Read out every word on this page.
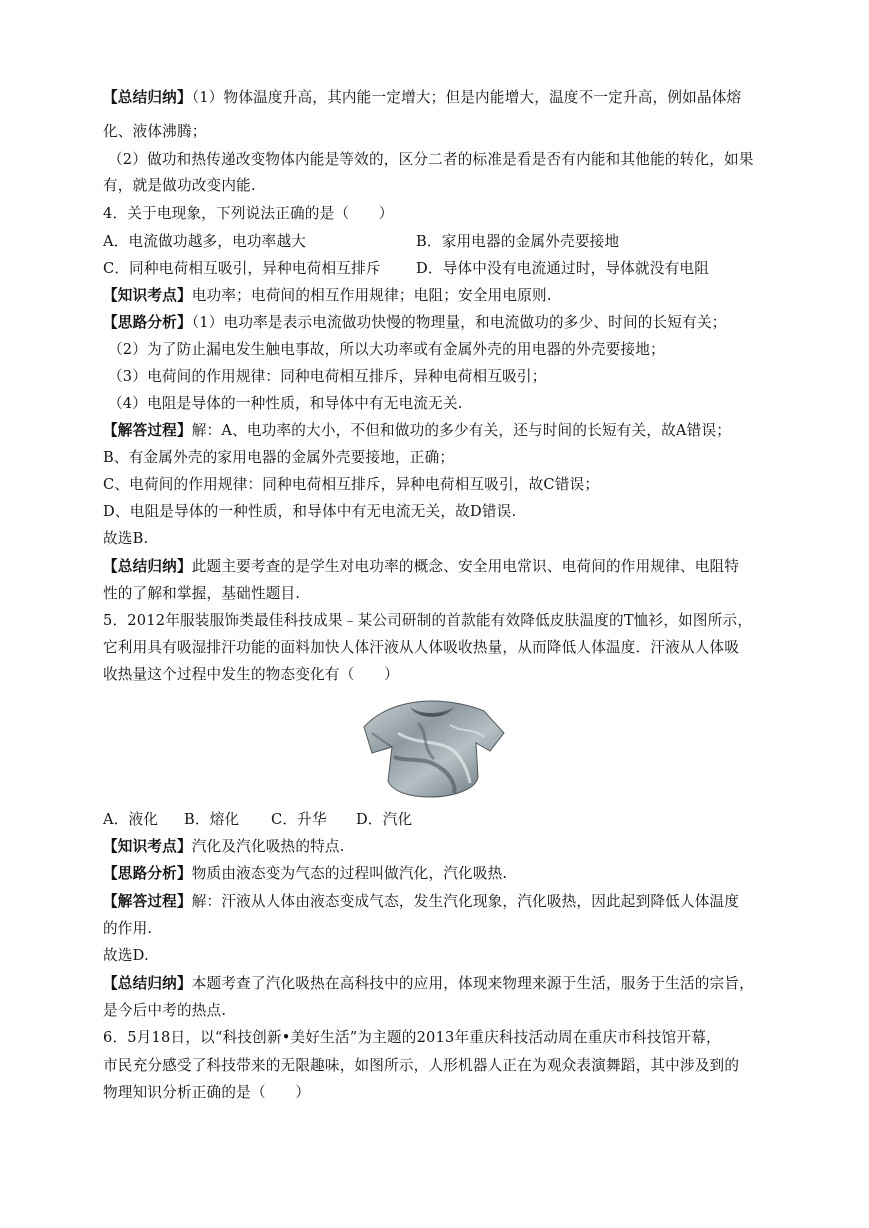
【总结归纳】（1）物体温度升高，其内能一定增大；但是内能增大，温度不一定升高，例如晶体熔
化、液体沸腾；
（2）做功和热传递改变物体内能是等效的，区分二者的标准是看是否有内能和其他能的转化，如果
有，就是做功改变内能.
4．关于电现象，下列说法正确的是（　　）
A．电流做功越多，电功率越大	B．家用电器的金属外壳要接地
C．同种电荷相互吸引，异种电荷相互排斥 D．导体中没有电流通过时，导体就没有电阻
【知识考点】电功率；电荷间的相互作用规律；电阻；安全用电原则.
【思路分析】（1）电功率是表示电流做功快慢的物理量，和电流做功的多少、时间的长短有关；
（2）为了防止漏电发生触电事故，所以大功率或有金属外壳的用电器的外壳要接地；
（3）电荷间的作用规律：同种电荷相互排斥，异种电荷相互吸引；
（4）电阻是导体的一种性质，和导体中有无电流无关.
【解答过程】解：A、电功率的大小，不但和做功的多少有关，还与时间的长短有关，故A错误；
B、有金属外壳的家用电器的金属外壳要接地，正确；
C、电荷间的作用规律：同种电荷相互排斥，异种电荷相互吸引，故C错误；
D、电阻是导体的一种性质，和导体中有无电流无关，故D错误.
故选B.
【总结归纳】此题主要考查的是学生对电功率的概念、安全用电常识、电荷间的作用规律、电阻特
性的了解和掌握，基础性题目.
5．2012年服装服饰类最佳科技成果﹣某公司研制的首款能有效降低皮肤温度的T恤衫，如图所示，
它利用具有吸湿排汗功能的面料加快人体汗液从人体吸收热量，从而降低人体温度．汗液从人体吸
收热量这个过程中发生的物态变化有（　　）
A．液化 B．熔化 C．升华 D．汽化
【知识考点】汽化及汽化吸热的特点.
【思路分析】物质由液态变为气态的过程叫做汽化，汽化吸热.
【解答过程】解：汗液从人体由液态变成气态，发生汽化现象，汽化吸热，因此起到降低人体温度
的作用.
故选D.
【总结归纳】本题考查了汽化吸热在高科技中的应用，体现来物理来源于生活，服务于生活的宗旨，
是今后中考的热点.
6．5月18日，以“科技创新•美好生活”为主题的2013年重庆科技活动周在重庆市科技馆开幕，
市民充分感受了科技带来的无限趣味，如图所示，人形机器人正在为观众表演舞蹈，其中涉及到的
物理知识分析正确的是（　　）
